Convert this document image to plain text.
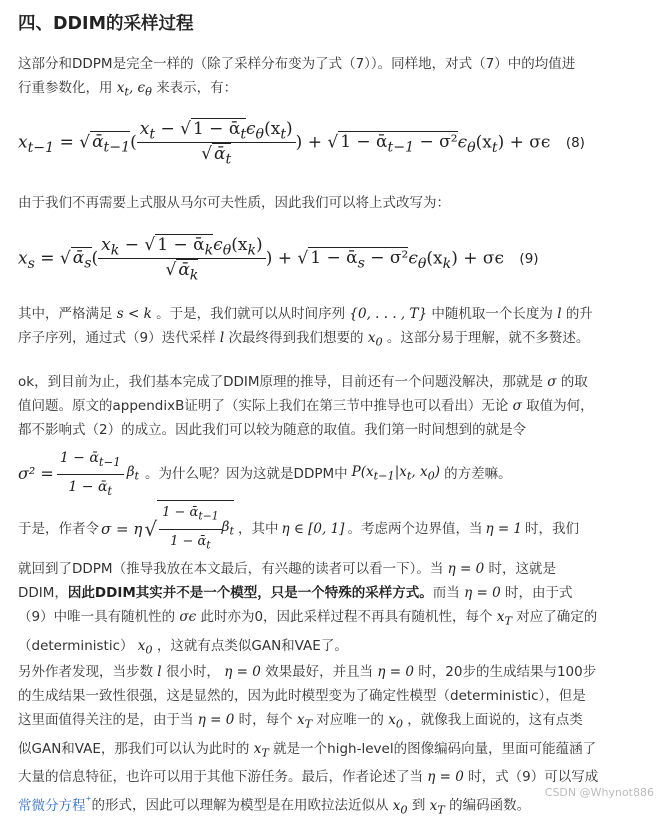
四、DDIM的采样过程
这部分和DDPM是完全一样的（除了采样分布变为了式（7））。同样地，对式（7）中的均值进
行重参数化，用 $x_t$, $\epsilon_\theta$ 来表示，有：
$x_{t-1}$ = √ ᾱ$_{t-1}$( $\frac{x_t - √ 1 - ᾱ_t\epsilon_\theta(x_t)}{√ ᾱ_t}$ ) + √ 1 − ᾱ$_{t-1}$ − $\sigma^2\epsilon_\theta(x_t) + \sigma\epsilon$ (8)
由于我们不再需要上式服从马尔可夫性质，因此我们可以将上式改写为：
$x_s$ = √ ᾱ$_s$( $\frac{x_k - √ 1 - ᾱ_k\epsilon_\theta(x_k)}{√ ᾱ_k}$ ) + √ 1 − ᾱ$_s$ − $\sigma^2\epsilon_\theta(x_k) + \sigma\epsilon$ (9)
其中，严格满足 s < k 。于是，我们就可以从时间序列 {0, . . . , T} 中随机取一个长度为 l 的升
序子序列，通过式（9）迭代采样 l 次最终得到我们想要的 $x_0$ 。这部分易于理解，就不多赘述。
ok，到目前为止，我们基本完成了DDIM原理的推导，目前还有一个问题没解决，那就是 σ 的取
值问题。原文的appendixB证明了（实际上我们在第三节中推导也可以看出）无论 σ 取值为何，
都不影响式（2）的成立。因此我们可以较为随意的取值。我们第一时间想到的就是令
$\sigma^2 = \frac{1 - ᾱ_{t-1}}{1 - ᾱ_t} \beta_t$ 。为什么呢？因为这就是DDPM中 $P(x_{t-1}|x_t$, $x_0$) 的方差嘛。
于是，作者令 σ = η √ $\frac{1 - ᾱ_{t-1}}{1 - ᾱ_t} \beta_t$ ，其中 η ∈ [0, 1] 。考虑两个边界值，当 η = 1 时，我们
就回到了DDPM（推导我放在本文最后，有兴趣的读者可以看一下）。当 η = 0 时，这就是
DDIM，因此DDIM其实并不是一个模型，只是一个特殊的采样方式。而当 η = 0 时，由于式
（9）中唯一具有随机性的 σϵ 此时亦为0，因此采样过程不再具有随机性，每个 $x_T$ 对应了确定的
（deterministic） $x_0$ ，这就有点类似GAN和VAE了。
另外作者发现，当步数 l 很小时， η = 0 效果最好，并且当 η = 0 时，20步的生成结果与100步
的生成结果一致性很强，这是显然的，因为此时模型变为了确定性模型（deterministic），但是
这里面值得关注的是，由于当 η = 0 时，每个 $x_T$ 对应唯一的 $x_0$ ，就像我上面说的，这有点类
似GAN和VAE，那我们可以认为此时的 $x_T$ 就是一个high-level的图像编码向量，里面可能蕴涵了
大量的信息特征，也许可以用于其他下游任务。最后，作者论述了当 η = 0 时，式（9）可以写成
常微分方程⁺的形式，因此可以理解为模型是在用欧拉法近似从 $x_0$ 到 $x_T$ 的编码函数。
CSDN @Whynot886
